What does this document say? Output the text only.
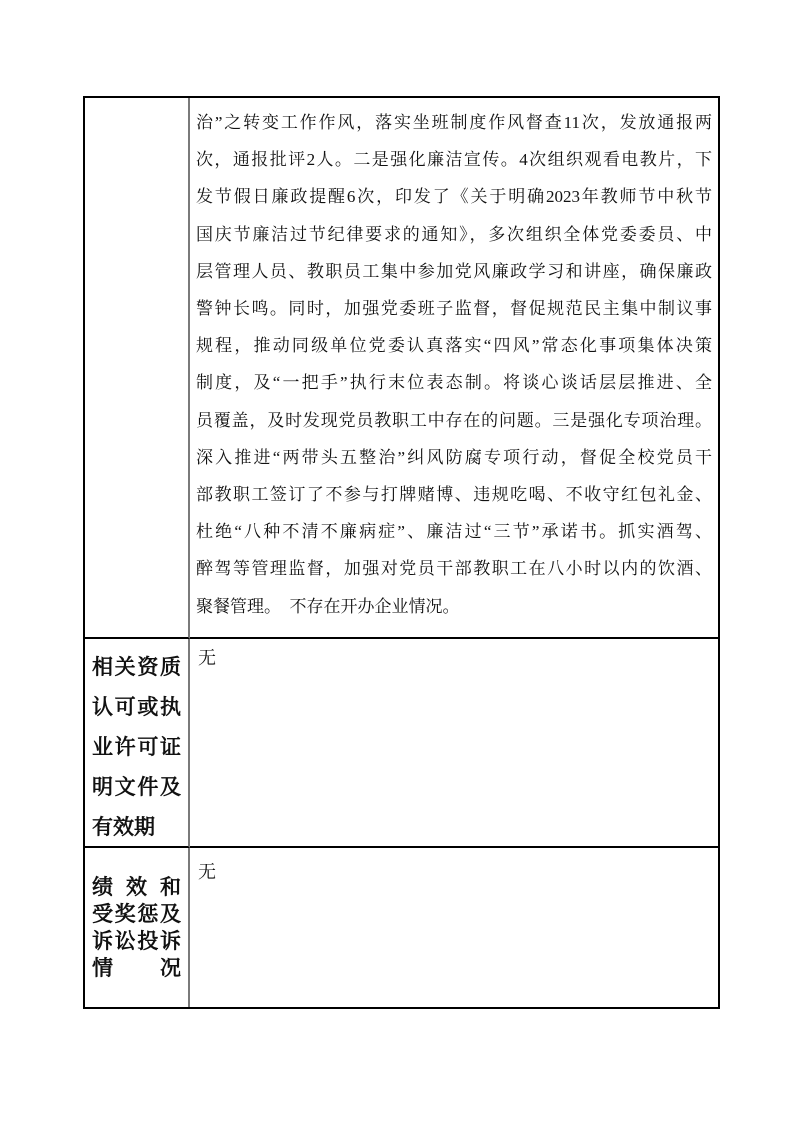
治”之转变工作作风，落实坐班制度作风督查11次，发放通报两
次，通报批评2人。二是强化廉洁宣传。4次组织观看电教片，下
发节假日廉政提醒6次，印发了《关于明确2023年教师节中秋节
国庆节廉洁过节纪律要求的通知》，多次组织全体党委委员、中
层管理人员、教职员工集中参加党风廉政学习和讲座，确保廉政
警钟长鸣。同时，加强党委班子监督，督促规范民主集中制议事
规程，推动同级单位党委认真落实“四风”常态化事项集体决策
制度，及“一把手”执行末位表态制。将谈心谈话层层推进、全
员覆盖，及时发现党员教职工中存在的问题。三是强化专项治理。
深入推进“两带头五整治”纠风防腐专项行动，督促全校党员干
部教职工签订了不参与打牌赌博、违规吃喝、不收守红包礼金、
杜绝“八种不清不廉病症”、廉洁过“三节”承诺书。抓实酒驾、
醉驾等管理监督，加强对党员干部教职工在八小时以内的饮酒、
聚餐管理。　不存在开办企业情况。
相关资质认可或执业许可证明文件及有效期
无
绩 效 和
受奖惩及
诉讼投诉
情　况
无
